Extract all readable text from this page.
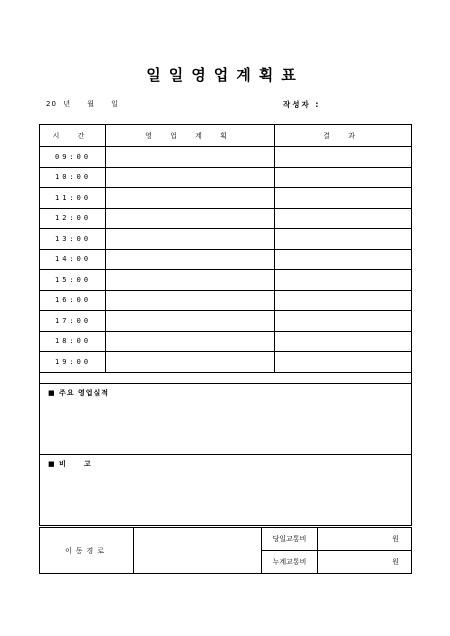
일일영업계획표
20  년     월     일	작성자 :
시 간	영 업 계 획	결 과
09:00		
10:00		
11:00		
12:00		
13:00		
14:00		
15:00		
16:00		
17:00		
18:00		
19:00		

■ 주요 영업실적		
■ 비     고		
이동경로		당일교통비	원
		누계교통비	원
